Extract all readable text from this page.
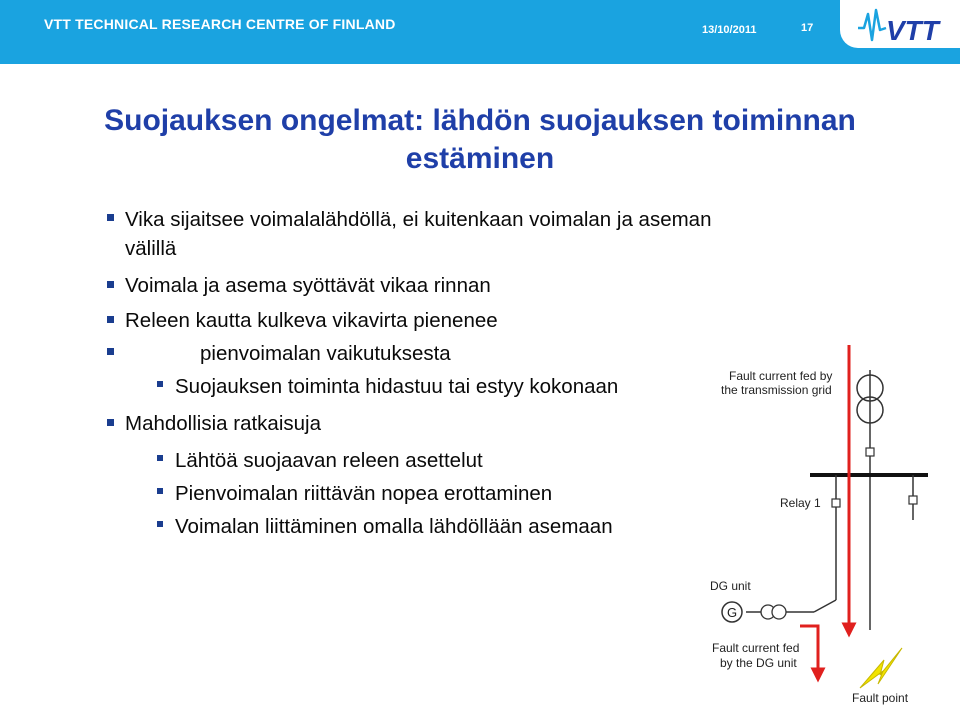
VTT TECHNICAL RESEARCH CENTRE OF FINLAND	13/10/2011	17	VTT
Suojauksen ongelmat: lähdön suojauksen toiminnan
estäminen
Vika sijaitsee voimalalähdöllä, ei kuitenkaan voimalan ja aseman
välillä
Voimala ja asema syöttävät vikaa rinnan
Releen kautta kulkeva vikavirta pienenee
pienvoimalan vaikutuksesta
Suojauksen toiminta hidastuu tai estyy kokonaan
Mahdollisia ratkaisuja
Lähtöä suojaavan releen asettelut
Pienvoimalan riittävän nopea erottaminen
Voimalan liittäminen omalla lähdöllään asemaan
Relay 1
G
DG unit
Fault current fed by
the transmission grid
Fault current fed
by the DG unit
Fault point
